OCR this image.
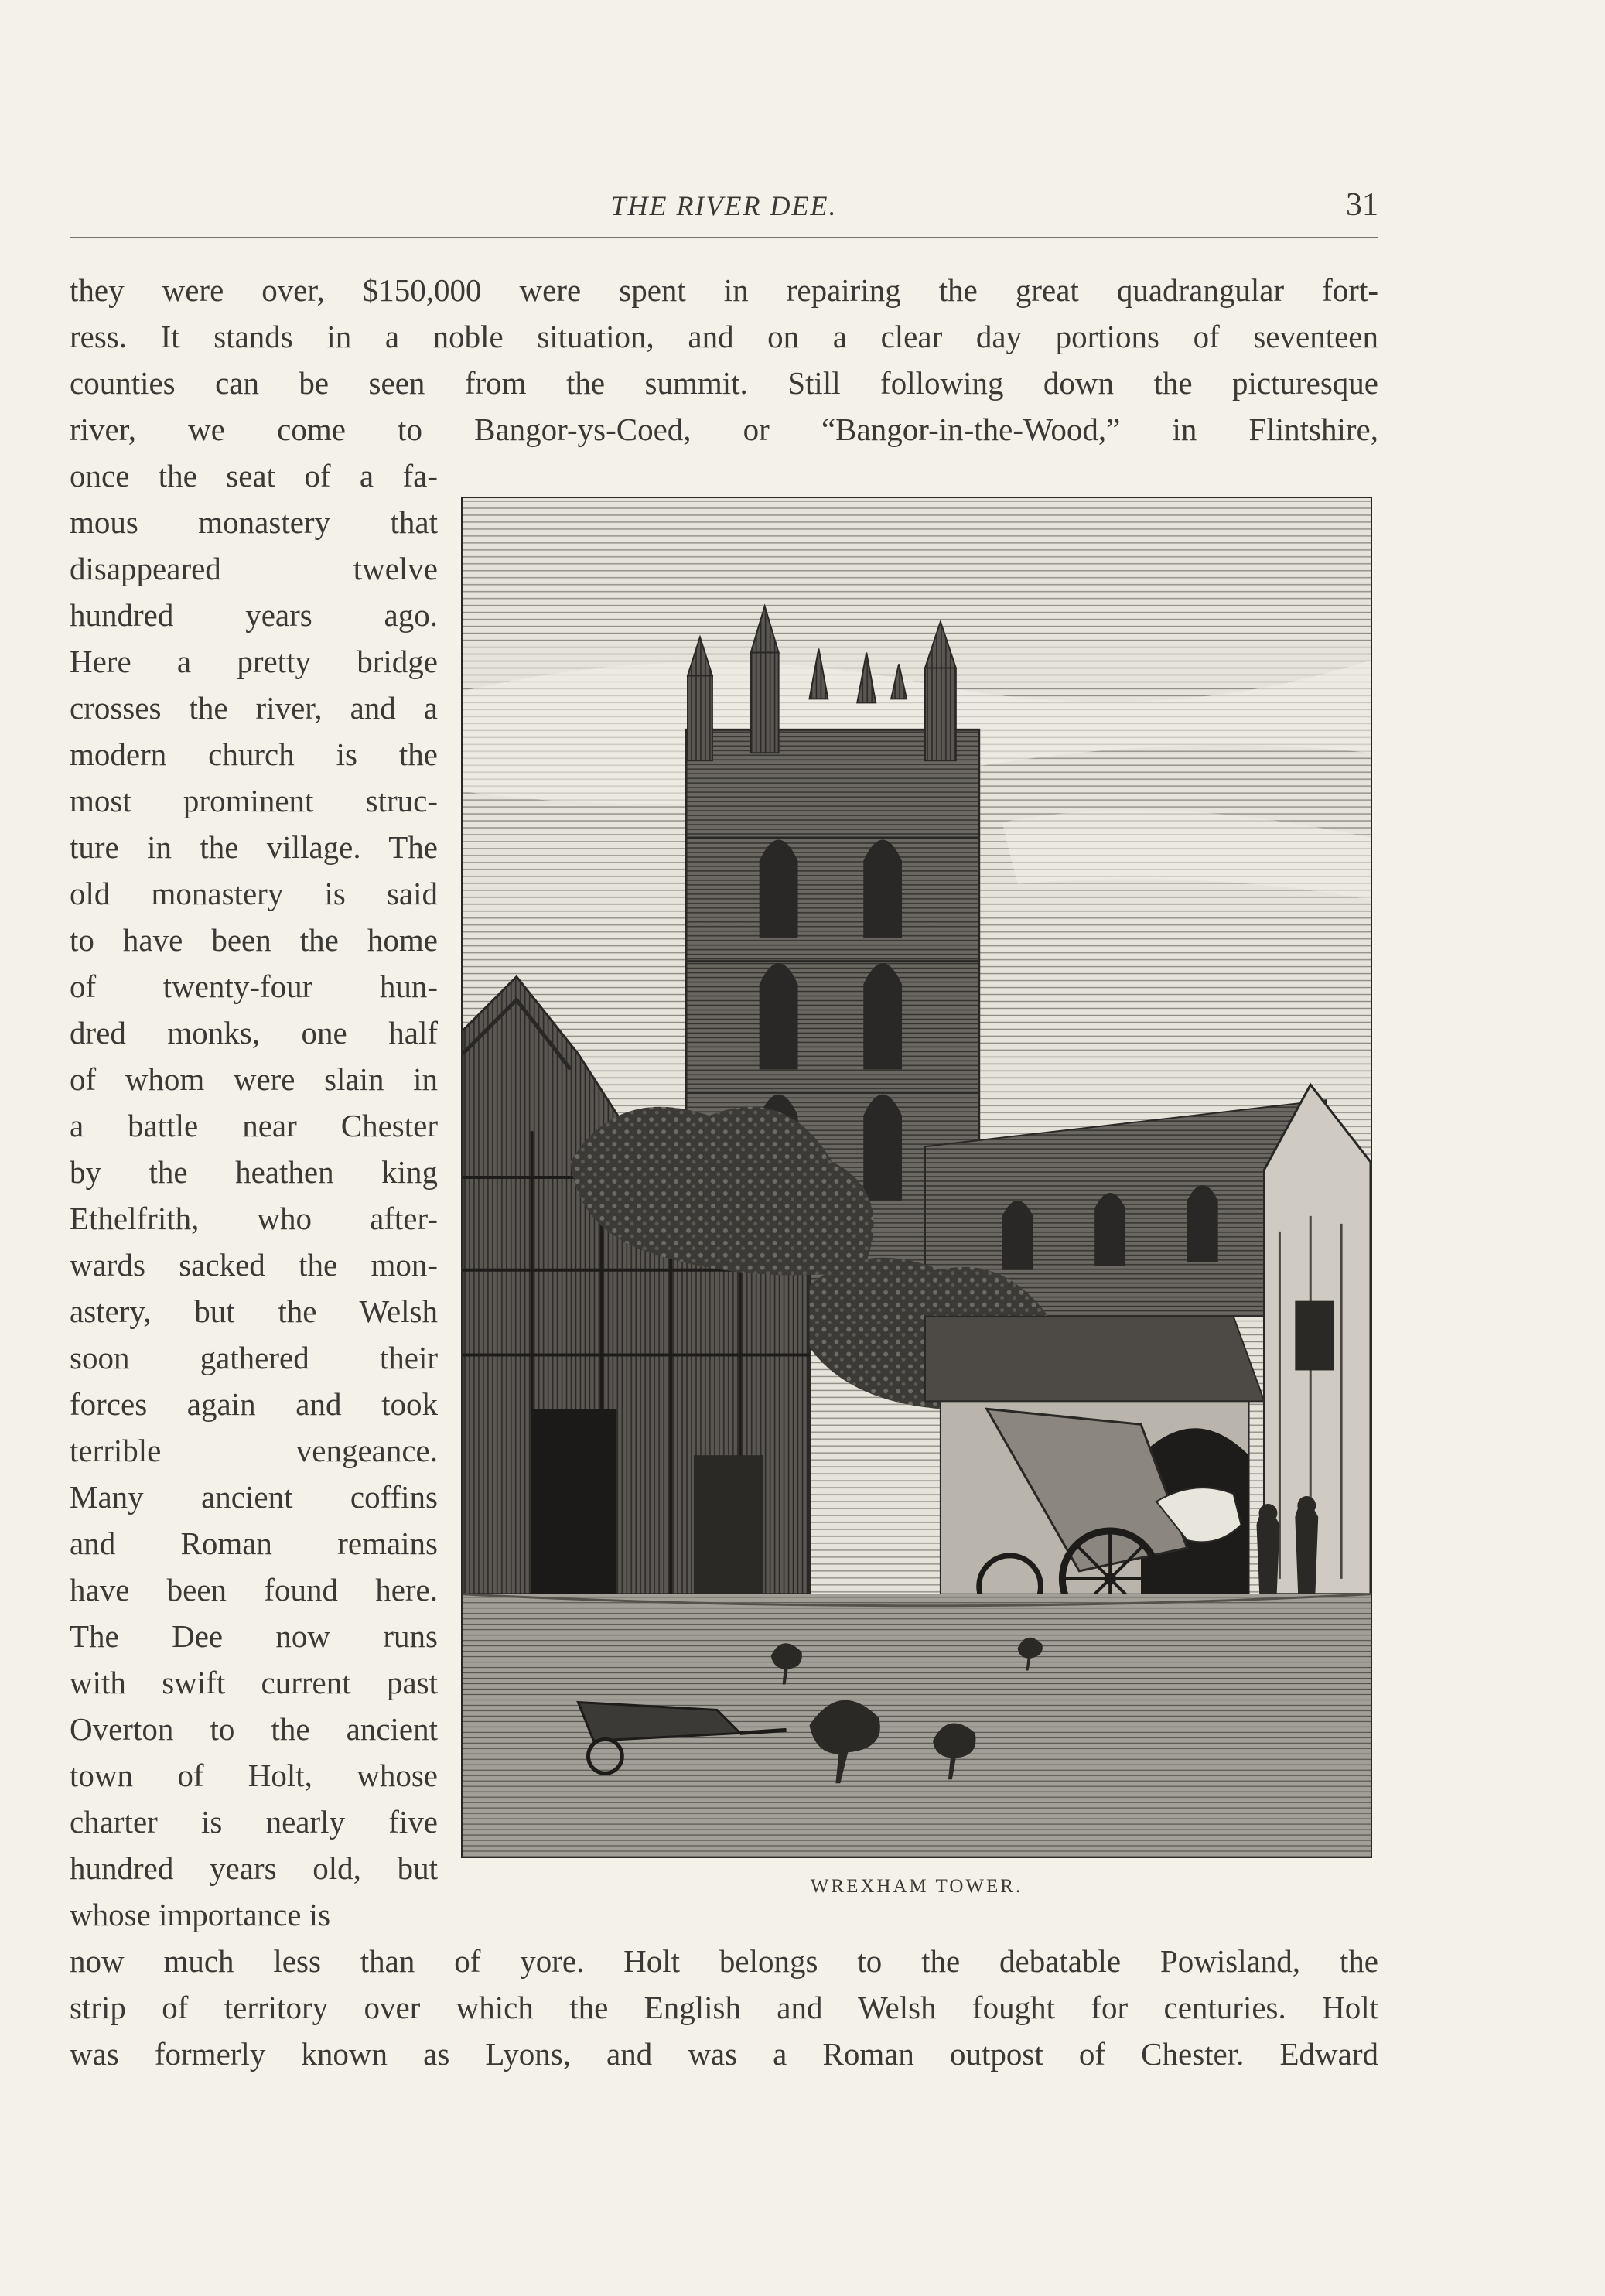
THE RIVER DEE.	31
they were over, $150,000 were spent in repairing the great quadrangular fort-
ress. It stands in a noble situation, and on a clear day portions of seventeen
counties can be seen from the summit. Still following down the picturesque
river, we come to Bangor-ys-Coed, or “Bangor-in-the-Wood,” in Flintshire,
once the seat of a fa-
mous monastery that
disappeared twelve
hundred years ago.
Here a pretty bridge
crosses the river, and a
modern church is the
most prominent struc-
ture in the village. The
old monastery is said
to have been the home
of twenty-four hun-
dred monks, one half
of whom were slain in
a battle near Chester
by the heathen king
Ethelfrith, who after-
wards sacked the mon-
astery, but the Welsh
soon gathered their
forces again and took
terrible vengeance.
Many ancient coffins
and Roman remains
have been found here.
The Dee now runs
with swift current past
Overton to the ancient
town of Holt, whose
charter is nearly five
hundred years old, but
whose importance is
now much less than of yore. Holt belongs to the debatable Powisland, the
strip of territory over which the English and Welsh fought for centuries. Holt
was formerly known as Lyons, and was a Roman outpost of Chester. Edward
WREXHAM TOWER.
